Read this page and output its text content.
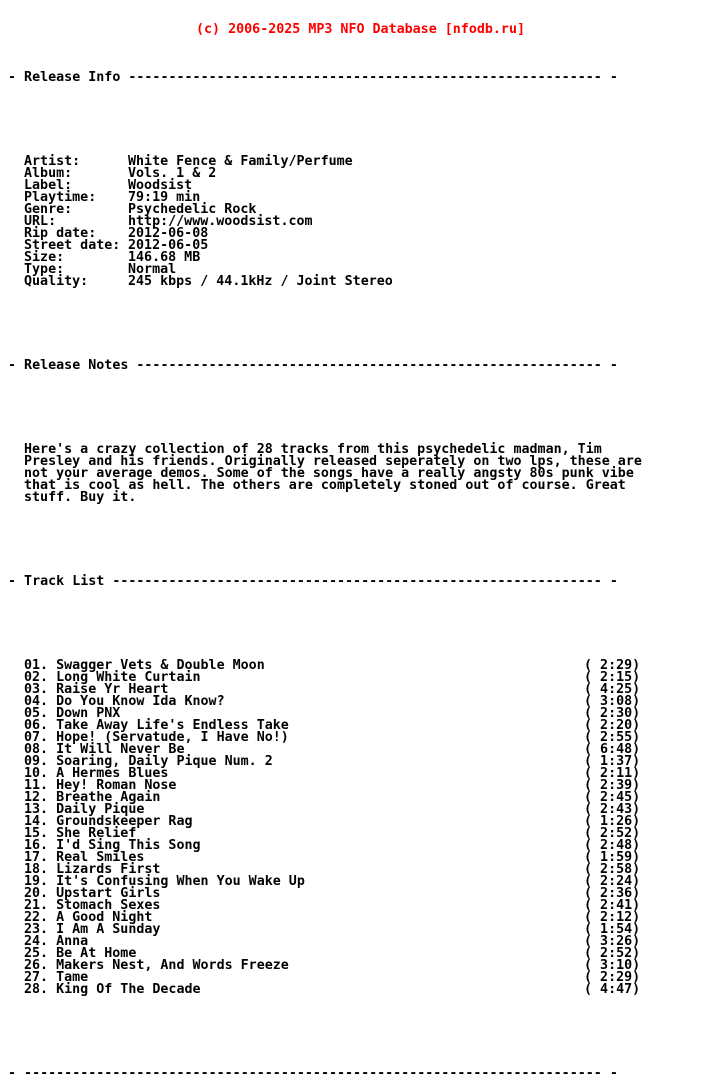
(c) 2006-2025 MP3 NFO Database [nfodb.ru]

- Release Info ----------------------------------------------------------- -

Artist:	White Fence & Family/Perfume
Album:	Vols. 1 & 2
Label:	Woodsist
Playtime: 79:19 min
Genre:	Psychedelic Rock
URL:	http://www.woodsist.com
Rip date: 2012-06-08
Street date: 2012-06-05
Size:	146.68 MB
Type:	Normal
Quality:	245 kbps / 44.1kHz / Joint Stereo

- Release Notes ---------------------------------------------------------- -

Here's a crazy collection of 28 tracks from this psychedelic madman, Tim
Presley and his friends. Originally released seperately on two lps, these are
not your average demos. Some of the songs have a really angsty 80s punk vibe
that is cool as hell. The others are completely stoned out of course. Great
stuff. Buy it.

- Track List ------------------------------------------------------------- -

01. Swagger Vets & Double Moon	( 2:29)
02. Long White Curtain	( 2:15)
03. Raise Yr Heart	( 4:25)
04. Do You Know Ida Know?	( 3:08)
05. Down PNX	( 2:30)
06. Take Away Life's Endless Take	( 2:20)
07. Hope! (Servatude, I Have No!)	( 2:55)
08. It Will Never Be	( 6:48)
09. Soaring, Daily Pique Num. 2	( 1:37)
10. A Hermes Blues	( 2:11)
11. Hey! Roman Nose	( 2:39)
12. Breathe Again	( 2:45)
13. Daily Pique	( 2:43)
14. Groundskeeper Rag	( 1:26)
15. She Relief	( 2:52)
16. I'd Sing This Song	( 2:48)
17. Real Smiles	( 1:59)
18. Lizards First	( 2:58)
19. It's Confusing When You Wake Up	( 2:24)
20. Upstart Girls	( 2:36)
21. Stomach Sexes	( 2:41)
22. A Good Night	( 2:12)
23. I Am A Sunday	( 1:54)
24. Anna	( 3:26)
25. Be At Home	( 2:52)
26. Makers Nest, And Words Freeze	( 3:10)
27. Tame	( 2:29)
28. King Of The Decade	( 4:47)

- ------------------------------------------------------------------------ -
